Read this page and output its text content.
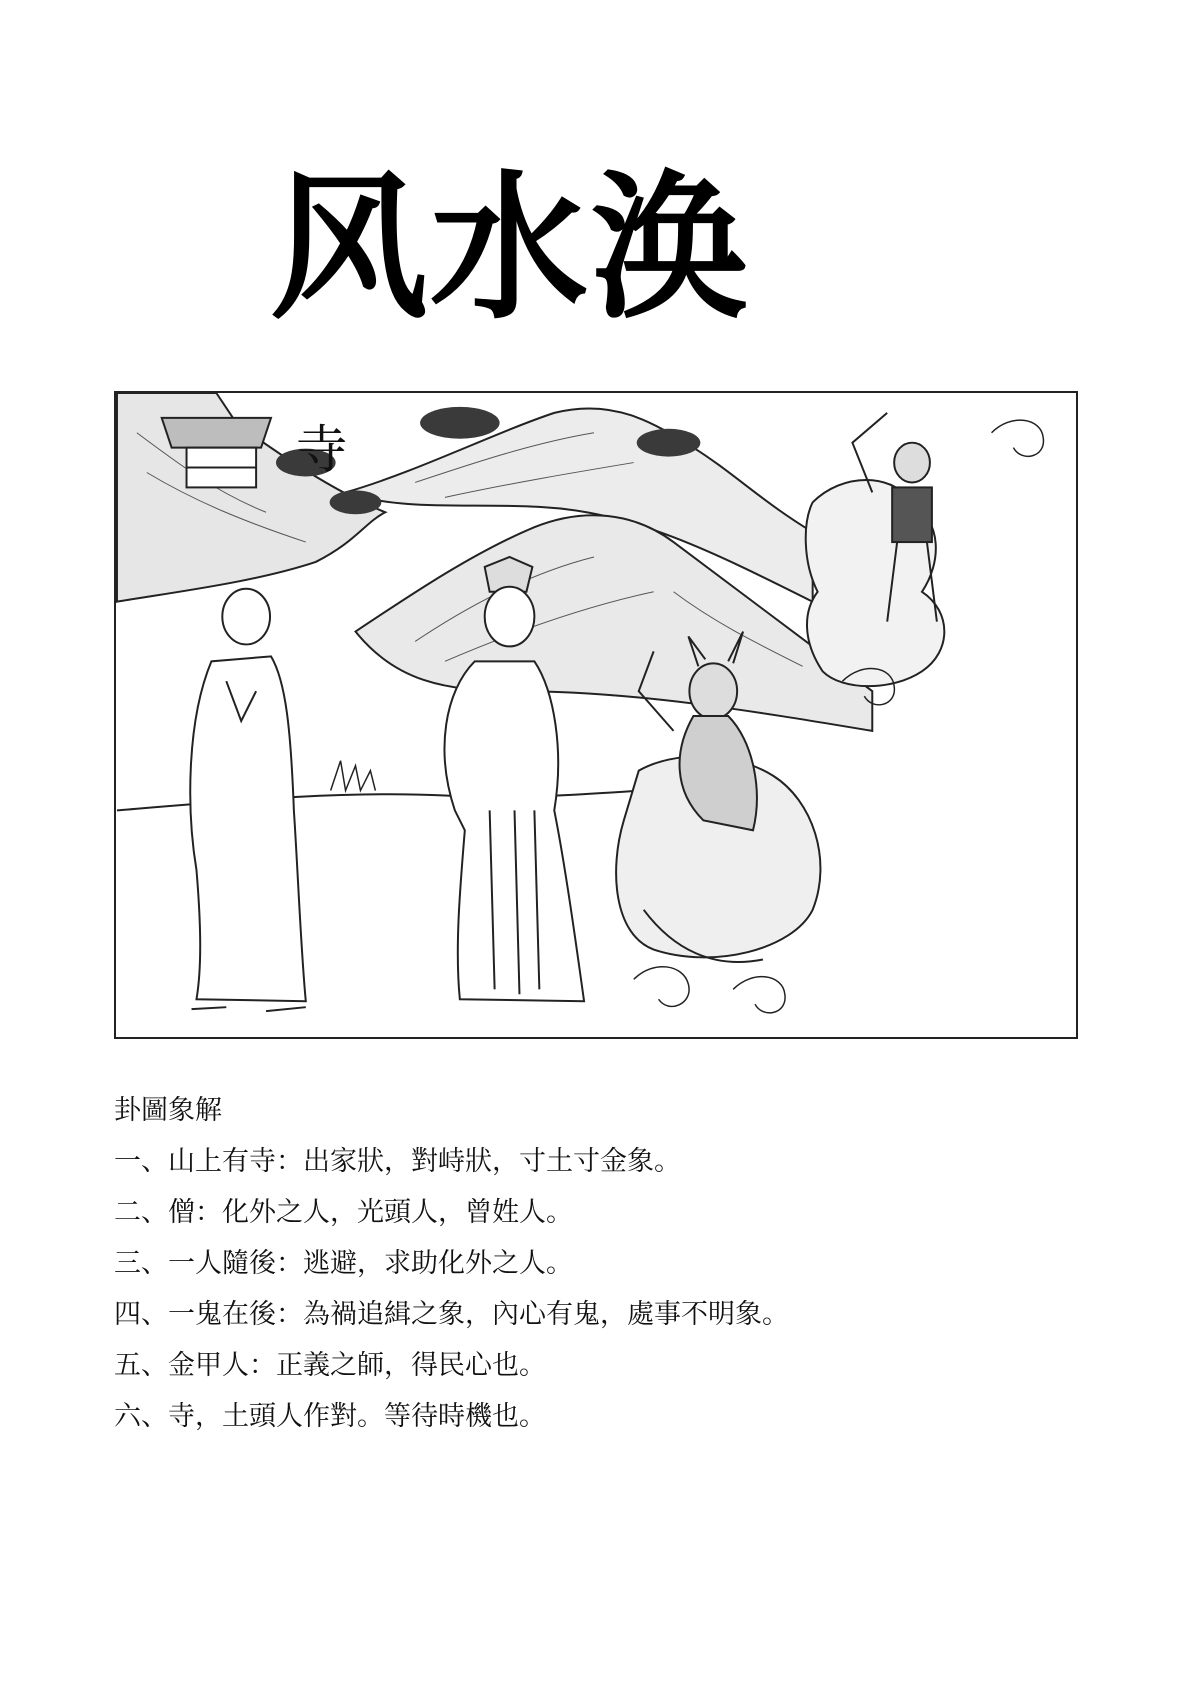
风水涣
寺
卦圖象解
一、山上有寺：出家狀，對峙狀，寸土寸金象。
二、僧：化外之人，光頭人，曾姓人。
三、一人隨後：逃避，求助化外之人。
四、一鬼在後：為禍追緝之象，內心有鬼，處事不明象。
五、金甲人：正義之師，得民心也。
六、寺，土頭人作對。等待時機也。
